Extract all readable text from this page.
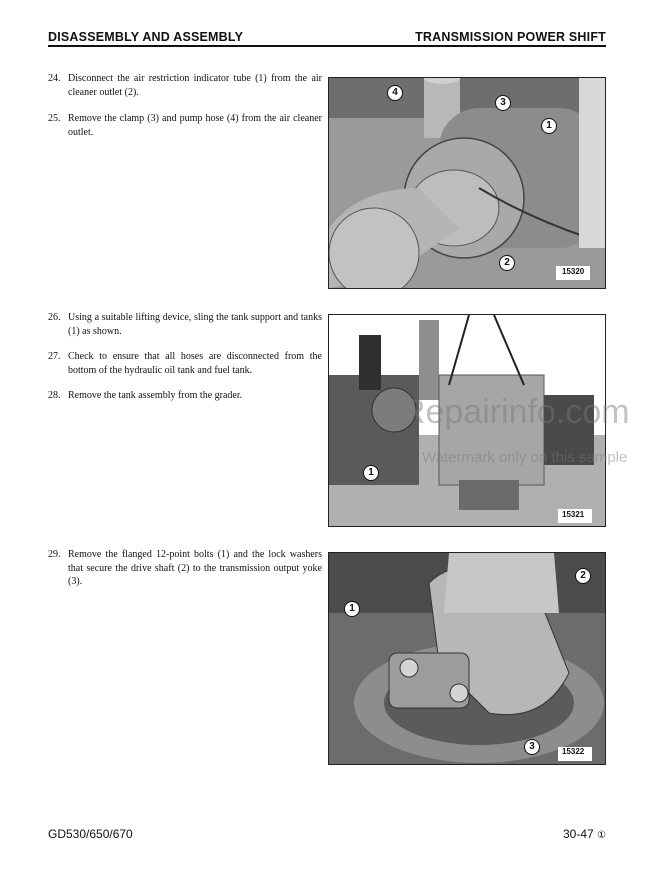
DISASSEMBLY AND ASSEMBLY	TRANSMISSION POWER SHIFT
24. Disconnect the air restriction indicator tube (1) from the air cleaner outlet (2).
25. Remove the clamp (3) and pump hose (4) from the air cleaner outlet.
26. Using a suitable lifting device, sling the tank support and tanks (1) as shown.
27. Check to ensure that all hoses are disconnected from the bottom of the hydraulic oil tank and fuel tank.
28. Remove the tank assembly from the grader.
29. Remove the flanged 12-point bolts (1) and the lock washers that secure the drive shaft (2) to the transmission output yoke (3).
15320
4
3
1
2
15321
1
15322
1
2
3
eRepairinfo.com
Watermark only on this sample
GD530/650/670	30-47 ①
